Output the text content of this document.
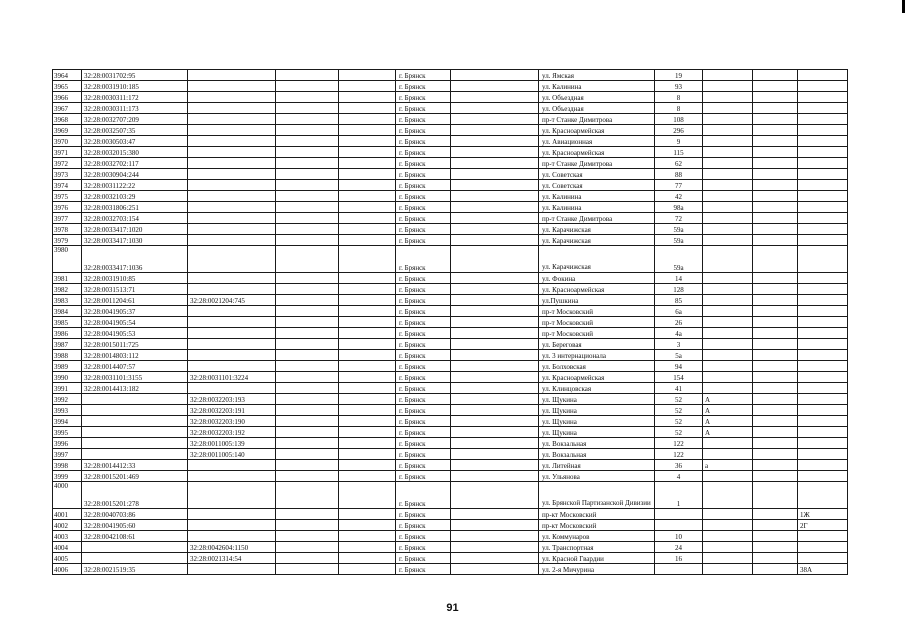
3964	32:28:0031702:95				г. Брянск		ул. Ямская	19			
3965	32:28:0031910:185				г. Брянск		ул. Калинина	93			
3966	32:28:0030311:172				г. Брянск		ул. Объездная	8			
3967	32:28:0030311:173				г. Брянск		ул. Объездная	8			
3968	32:28:0032707:209				г. Брянск		пр-т Станке Димитрова	108			
3969	32:28:0032507:35				г. Брянск		ул. Красноармейская	296			
3970	32:28:0030503:47				г. Брянск		ул. Авиационная	9			
3971	32:28:0032015:380				г. Брянск		ул. Красноармейская	115			
3972	32:28:0032702:117				г. Брянск		пр-т Станке Димитрова	62			
3973	32:28:0030904:244				г. Брянск		ул. Советская	88			
3974	32:28:0031122:22				г. Брянск		ул. Советская	77			
3975	32:28:0032103:29				г. Брянск		ул. Калинина	42			
3976	32:28:0031806:251				г. Брянск		ул. Калинина	98а			
3977	32:28:0032703:154				г. Брянск		пр-т Станке Димитрова	72			
3978	32:28:0033417:1020				г. Брянск		ул. Карачижская	59а			
3979	32:28:0033417:1030				г. Брянск		ул. Карачижская	59а			
3980	32:28:0033417:1036				г. Брянск		ул. Карачижская	59а			
3981	32:28:0031910:85				г. Брянск		ул. Фокина	14			
3982	32:28:0031513:71				г. Брянск		ул. Красноармейская	128			
3983	32:28:0011204:61	32:28:0021204:745			г. Брянск		ул.Пушкина	85			
3984	32:28:0041905:37				г. Брянск		пр-т Московский	6а			
3985	32:28:0041905:54				г. Брянск		пр-т Московский	26			
3986	32:28:0041905:53				г. Брянск		пр-т Московский	4а			
3987	32:28:0015011:725				г. Брянск		ул. Береговая	3			
3988	32:28:0014803:112				г. Брянск		ул. 3 интернационала	5а			
3989	32:28:0014407:57				г. Брянск		ул. Болховская	94			
3990	32:28:0031101:3155	32:28:0031101:3224			г. Брянск		ул. Красноармейская	154			
3991	32:28:0014413:182				г. Брянск		ул. Клинцовская	41			
3992		32:28:0032203:193			г. Брянск		ул. Щукина	52	А		
3993		32:28:0032203:191			г. Брянск		ул. Щукина	52	А		
3994		32:28:0032203:190			г. Брянск		ул. Щукина	52	А		
3995		32:28:0032203:192			г. Брянск		ул. Щукина	52	А		
3996		32:28:0011005:139			г. Брянск		ул. Вокзальная	122			
3997		32:28:0011005:140			г. Брянск		ул. Вокзальная	122			
3998	32:28:0014412:33				г. Брянск		ул. Литейная	36	а		
3999	32:28:0015201:469				г. Брянск		ул. Ульянова	4			
4000	32:28:0015201:278				г. Брянск		ул. Брянской Партизанской Дивизии	1			
4001	32:28:0040703:86				г. Брянск		пр-кт Московский				1Ж
4002	32:28:0041905:60				г. Брянск		пр-кт Московский				2Г
4003	32:28:0042108:61				г. Брянск		ул. Коммунаров	10			
4004		32:28:0042604:1150			г. Брянск		ул. Транспортная	24			
4005		32:28:0021314:54			г. Брянск		ул. Красной Гвардии	16			
4006	32:28:0021519:35				г. Брянск		ул. 2-я Мичурина				38А
91
